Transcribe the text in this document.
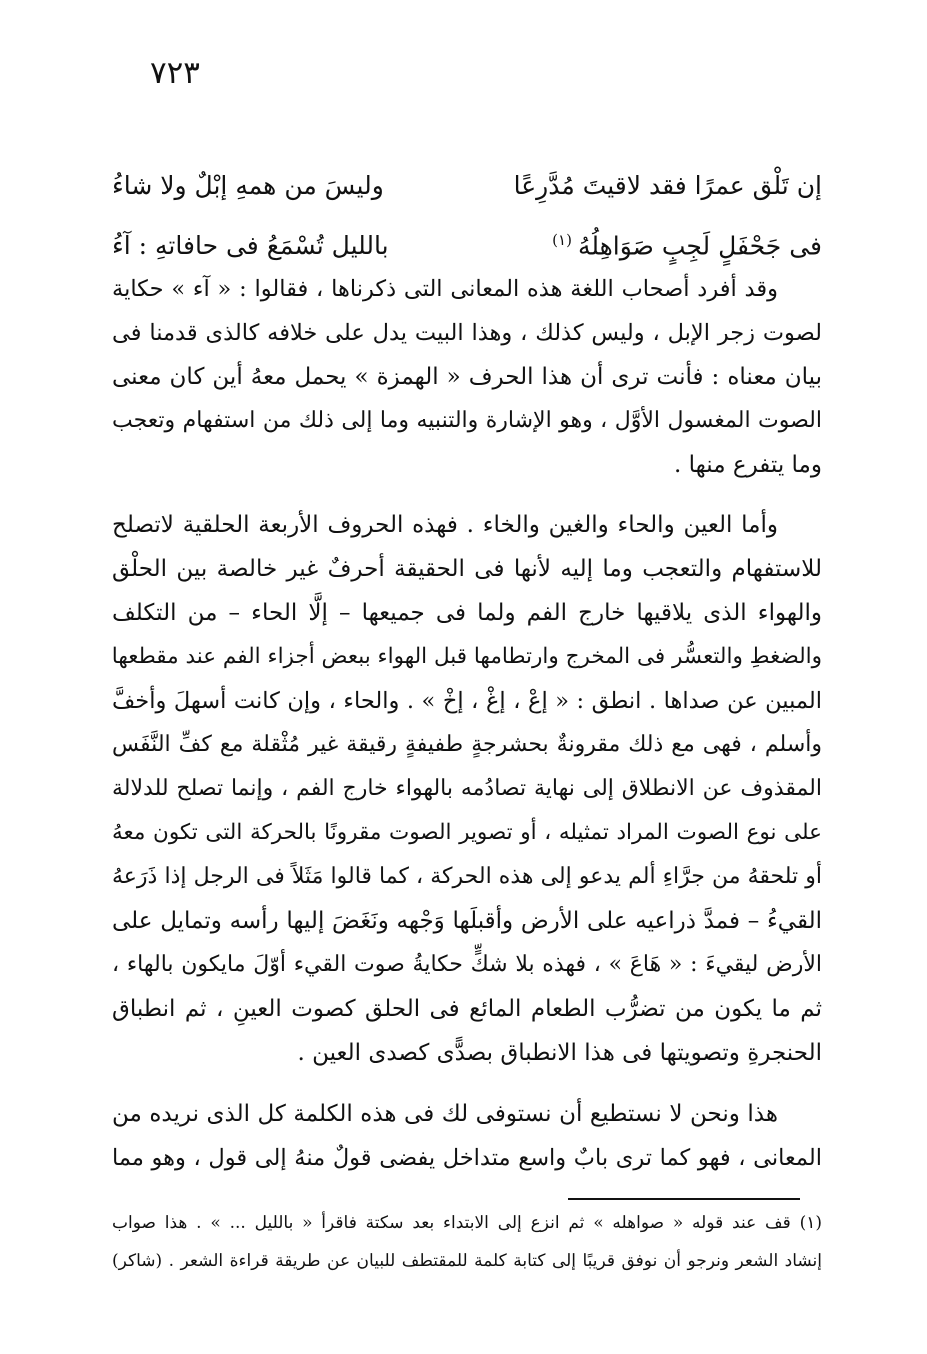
٧٢٣
إن تَلْق عمرًا فقد لاقيتَ مُدَّرِعًا
وليسَ من همهِ إبْلٌ ولا شاءُ
فى جَحْفَلٍ لَجِبٍ صَوَاهِلُهُ$^{(١)}$
بالليل تُسْمَعُ فى حافاتهِ : آءُ
وقد أفرد أصحاب اللغة هذه المعانى التى ذكرناها ، فقالوا : « آء » حكاية
لصوت زجر الإبل ، وليس كذلك ، وهذا البيت يدل على خلافه كالذى قدمنا فى
بيان معناه : فأنت ترى أن هذا الحرف « الهمزة » يحمل معهُ أين كان معنى
الصوت المغسول الأوَّل ، وهو الإشارة والتنبيه وما إلى ذلك من استفهام وتعجب
وما يتفرع منها .
وأما العين والحاء والغين والخاء . فهذه الحروف الأربعة الحلقية لاتصلح
للاستفهام والتعجب وما إليه لأنها فى الحقيقة أحرفٌ غير خالصة بين الحلْق
والهواء الذى يلاقيها خارج الفم ولما فى جميعها – إلَّا الحاء – من التكلف
والضغطِ والتعسُّر فى المخرج وارتطامها قبل الهواء ببعض أجزاء الفم عند مقطعها
المبين عن صداها . انطق : « إعْ ، إغْ ، إخْ » . والحاء ، وإن كانت أسهلَ وأخفَّ
وأسلم ، فهى مع ذلك مقرونةٌ بحشرجةٍ طفيفةٍ رقيقة غير مُثْقلة مع كفِّ النَّفَس
المقذوف عن الانطلاق إلى نهاية تصادُمه بالهواء خارج الفم ، وإنما تصلح للدلالة
على نوع الصوت المراد تمثيله ، أو تصوير الصوت مقرونًا بالحركة التى تكون معهُ
أو تلحقهُ من جرَّاءِ ألم يدعو إلى هذه الحركة ، كما قالوا مَثَلاً فى الرجل إذا ذَرَعهُ
القيءُ – فمدَّ ذراعيه على الأرض وأقبلَها وَجْهه ونَغَضَ إليها رأسه وتمايل على
الأرض ليقيءَ : « هَاعَ » ، فهذه بلا شكٍّ حكايةُ صوت القيء أوّلَ مايكون بالهاء ،
ثم ما يكون من تضرُّب الطعام المائع فى الحلق كصوت العينِ ، ثم انطباق
الحنجرةِ وتصويتها فى هذا الانطباق بصدًّى كصدى العين .
هذا ونحن لا نستطيع أن نستوفى لك فى هذه الكلمة كل الذى نريده من
المعانى ، فهو كما ترى بابٌ واسع متداخل يفضى قولٌ منهُ إلى قول ، وهو مما
(١) قف عند قوله « صواهله » ثم انزع إلى الابتداء بعد سكتة فاقرأ « بالليل ... » . هذا صواب
إنشاد الشعر ونرجو أن نوفق قريبًا إلى كتابة كلمة للمقتطف للبيان عن طريقة قراءة الشعر . (شاكر)
